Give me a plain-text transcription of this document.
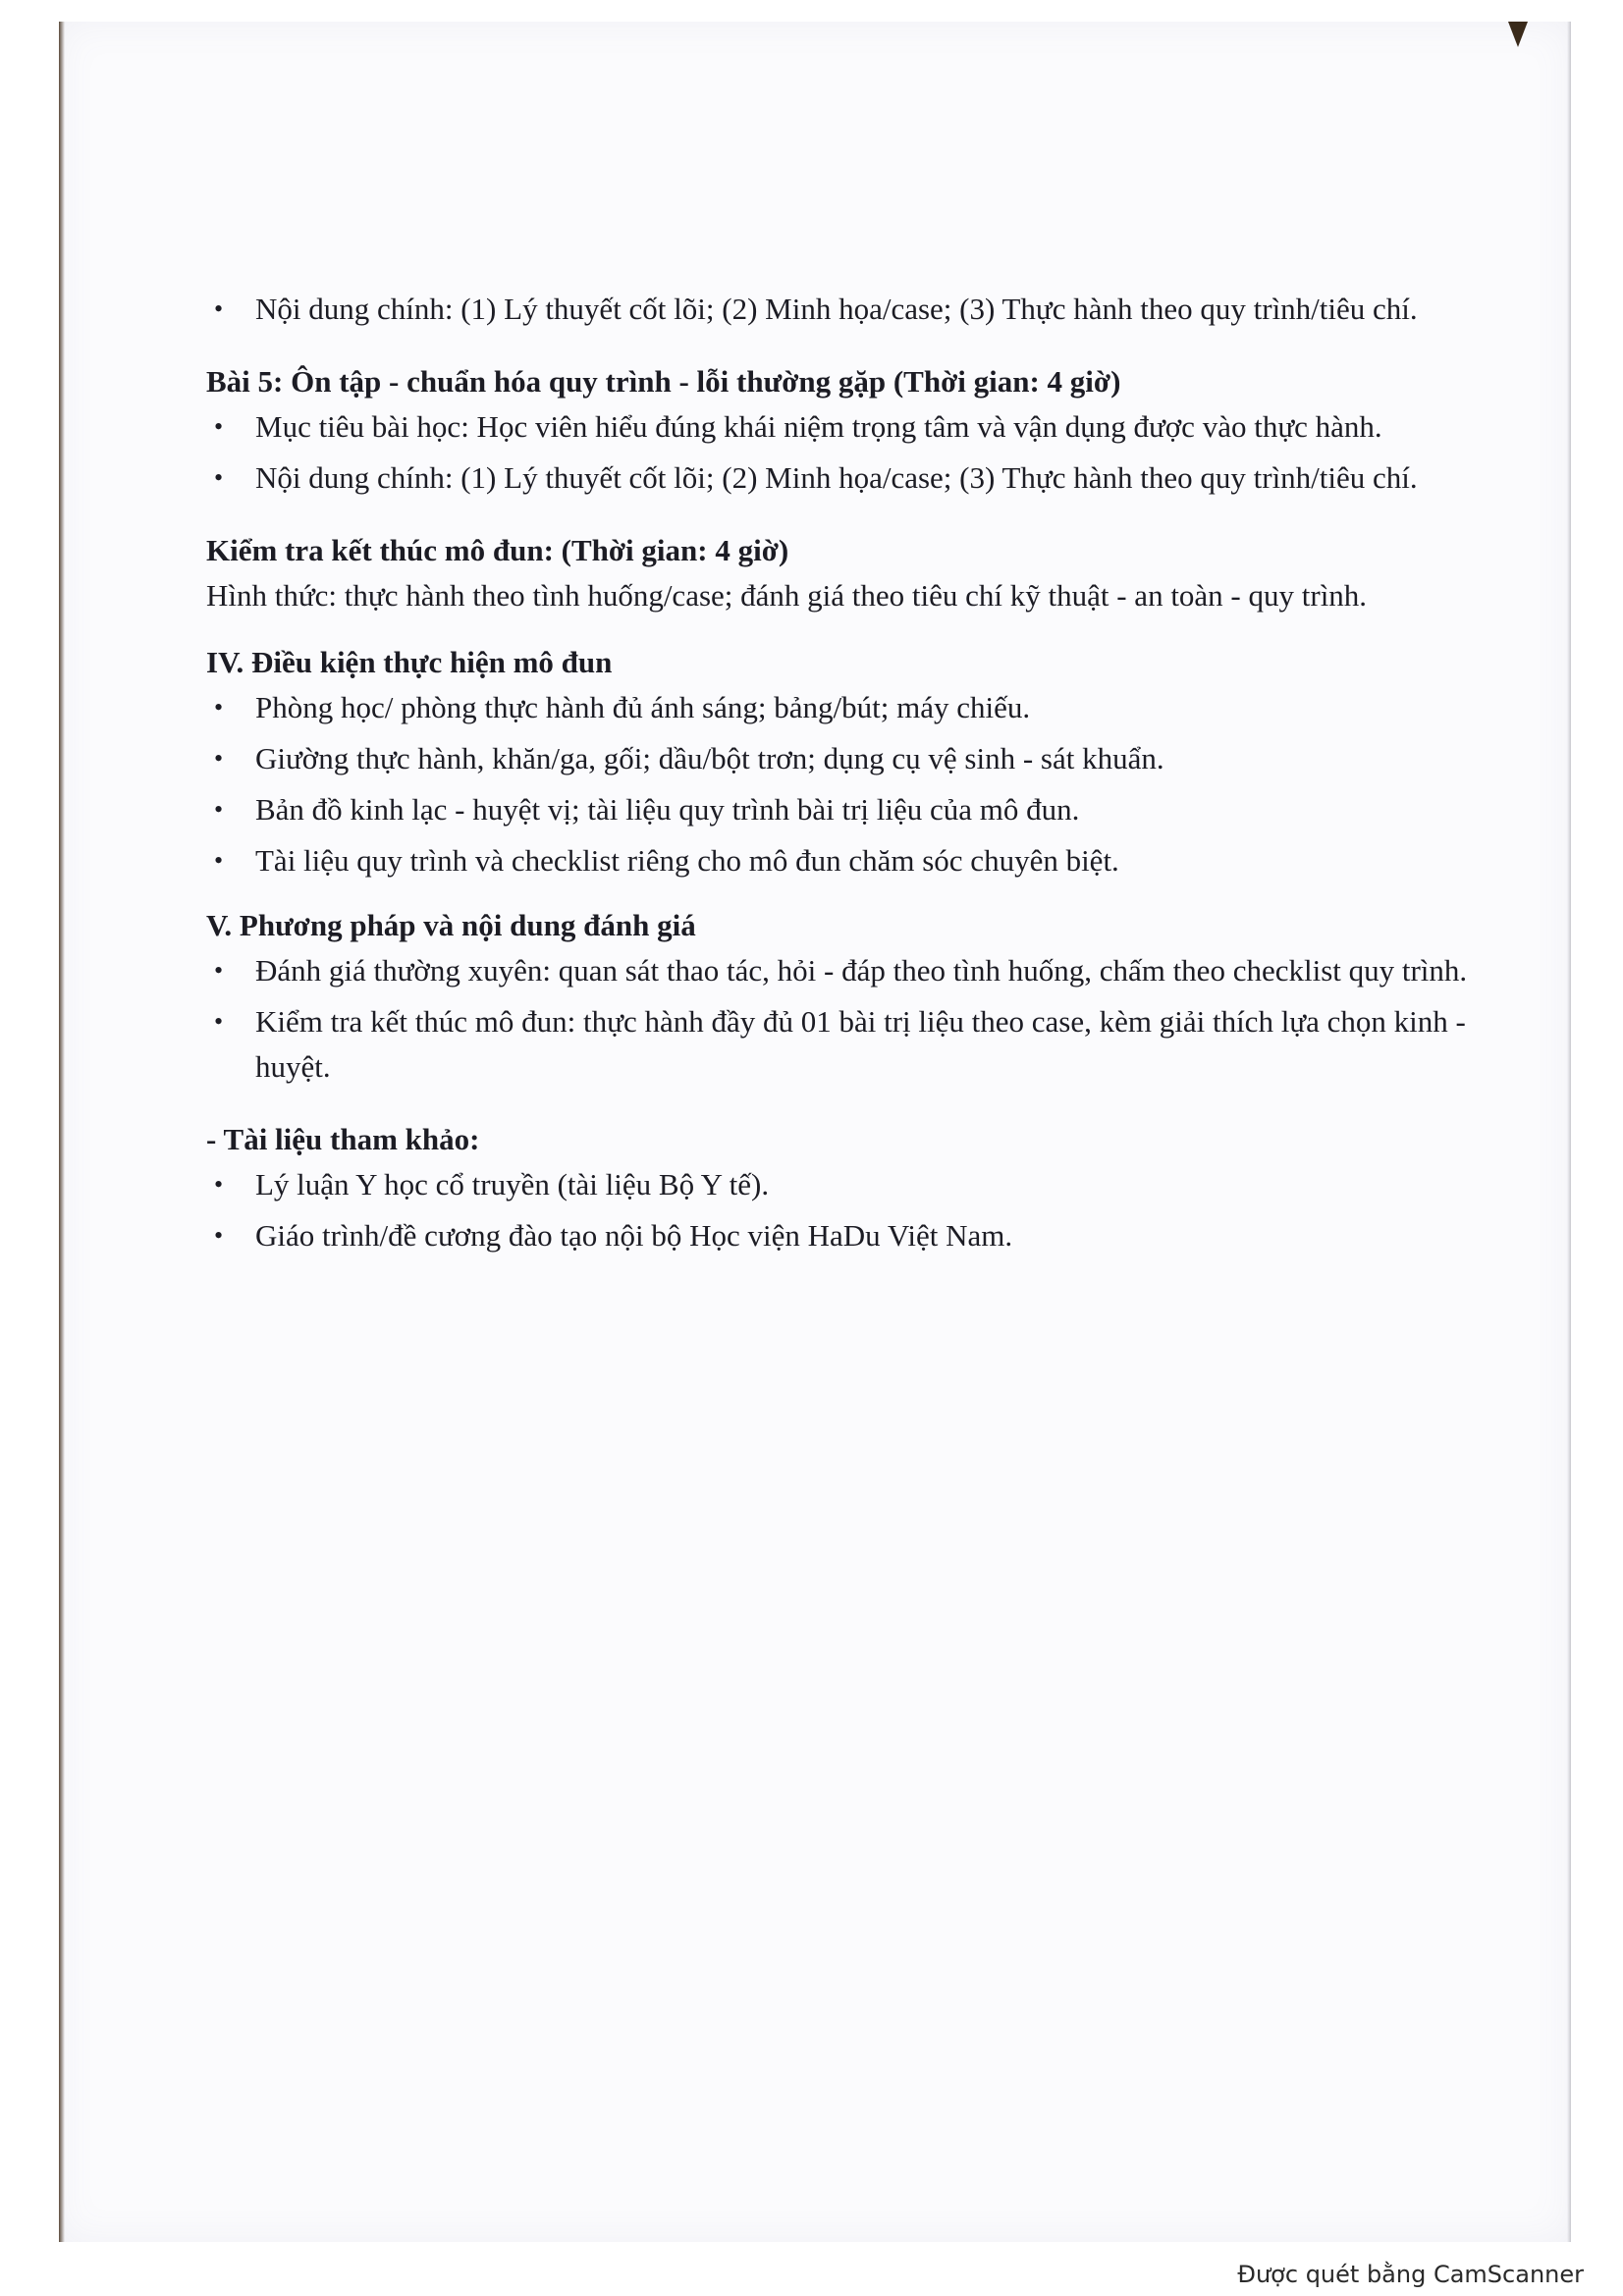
• Nội dung chính: (1) Lý thuyết cốt lõi; (2) Minh họa/case; (3) Thực hành theo quy trình/tiêu chí.

Bài 5: Ôn tập - chuẩn hóa quy trình - lỗi thường gặp (Thời gian: 4 giờ)

• Mục tiêu bài học: Học viên hiểu đúng khái niệm trọng tâm và vận dụng được vào thực hành.
• Nội dung chính: (1) Lý thuyết cốt lõi; (2) Minh họa/case; (3) Thực hành theo quy trình/tiêu chí.

Kiểm tra kết thúc mô đun: (Thời gian: 4 giờ)

Hình thức: thực hành theo tình huống/case; đánh giá theo tiêu chí kỹ thuật - an toàn - quy trình.

IV. Điều kiện thực hiện mô đun

• Phòng học/ phòng thực hành đủ ánh sáng; bảng/bút; máy chiếu.
• Giường thực hành, khăn/ga, gối; dầu/bột trơn; dụng cụ vệ sinh - sát khuẩn.
• Bản đồ kinh lạc - huyệt vị; tài liệu quy trình bài trị liệu của mô đun.
• Tài liệu quy trình và checklist riêng cho mô đun chăm sóc chuyên biệt.

V. Phương pháp và nội dung đánh giá

• Đánh giá thường xuyên: quan sát thao tác, hỏi - đáp theo tình huống, chấm theo checklist quy trình.
• Kiểm tra kết thúc mô đun: thực hành đầy đủ 01 bài trị liệu theo case, kèm giải thích lựa chọn kinh - huyệt.

- Tài liệu tham khảo:

• Lý luận Y học cổ truyền (tài liệu Bộ Y tế).
• Giáo trình/đề cương đào tạo nội bộ Học viện HaDu Việt Nam.
Được quét bằng CamScanner
